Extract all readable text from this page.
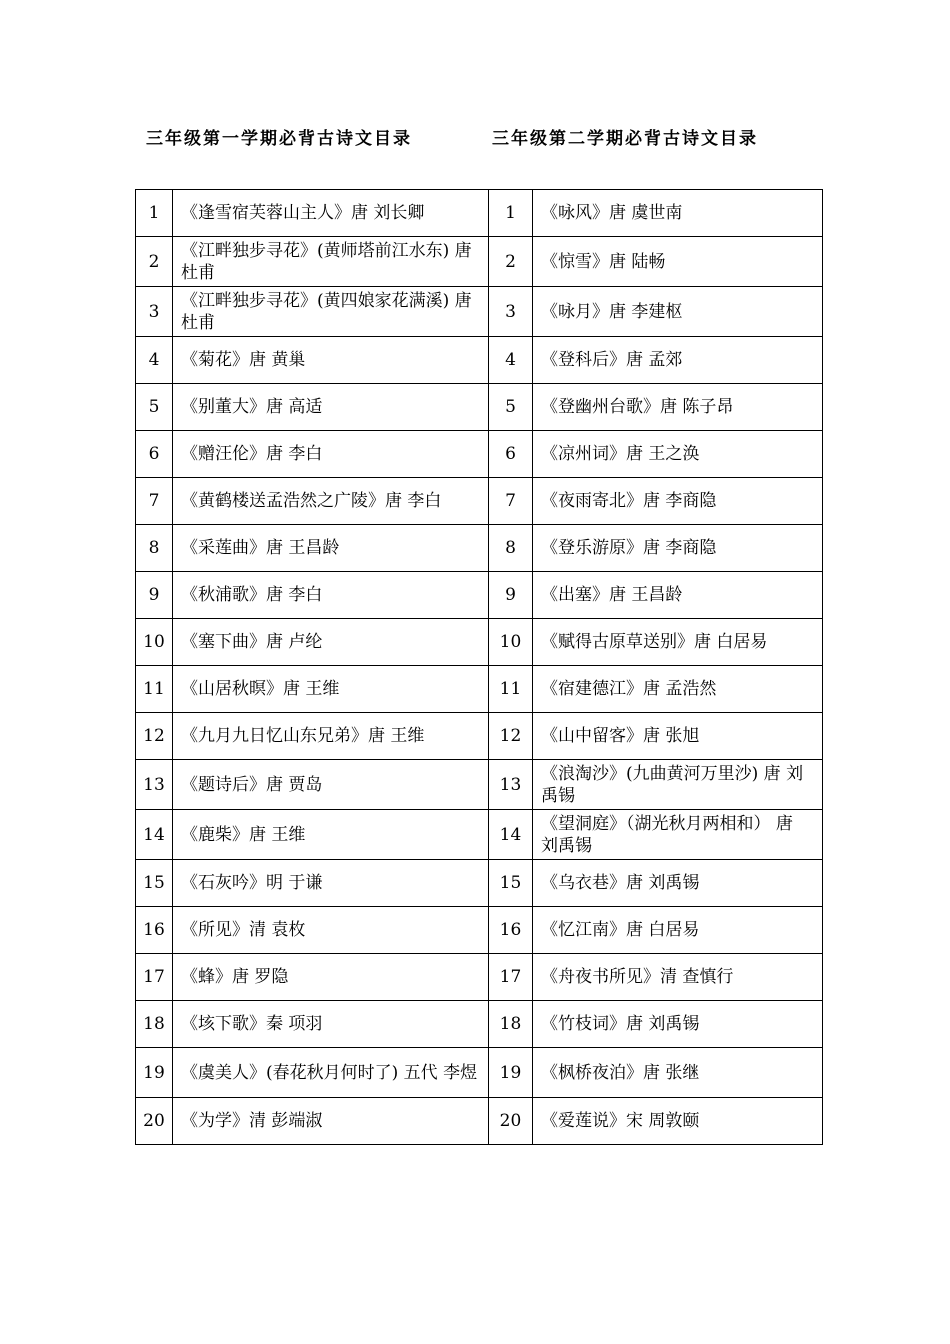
三年级第一学期必背古诗文目录	三年级第二学期必背古诗文目录
1	《逢雪宿芙蓉山主人》唐 刘长卿	1	《咏风》唐 虞世南
2	《江畔独步寻花》(黄师塔前江水东) 唐 杜甫	2	《惊雪》唐 陆畅
3	《江畔独步寻花》(黄四娘家花满溪) 唐 杜甫	3	《咏月》唐 李建枢
4	《菊花》唐 黄巢	4	《登科后》唐 孟郊
5	《别董大》唐 高适	5	《登幽州台歌》唐 陈子昂
6	《赠汪伦》唐 李白	6	《凉州词》唐 王之涣
7	《黄鹤楼送孟浩然之广陵》唐 李白	7	《夜雨寄北》唐 李商隐
8	《采莲曲》唐 王昌龄	8	《登乐游原》唐 李商隐
9	《秋浦歌》唐 李白	9	《出塞》唐 王昌龄
10	《塞下曲》唐 卢纶	10	《赋得古原草送别》唐 白居易
11	《山居秋暝》唐 王维	11	《宿建德江》唐 孟浩然
12	《九月九日忆山东兄弟》唐 王维	12	《山中留客》唐 张旭
13	《题诗后》唐 贾岛	13	《浪淘沙》(九曲黄河万里沙) 唐 刘禹锡
14	《鹿柴》唐 王维	14	《望洞庭》（湖光秋月两相和） 唐 刘禹锡
15	《石灰吟》明 于谦	15	《乌衣巷》唐 刘禹锡
16	《所见》清 袁枚	16	《忆江南》唐 白居易
17	《蜂》唐 罗隐	17	《舟夜书所见》清 查慎行
18	《垓下歌》秦 项羽	18	《竹枝词》唐 刘禹锡
19	《虞美人》(春花秋月何时了) 五代 李煜	19	《枫桥夜泊》唐 张继
20	《为学》清 彭端淑	20	《爱莲说》宋 周敦颐
